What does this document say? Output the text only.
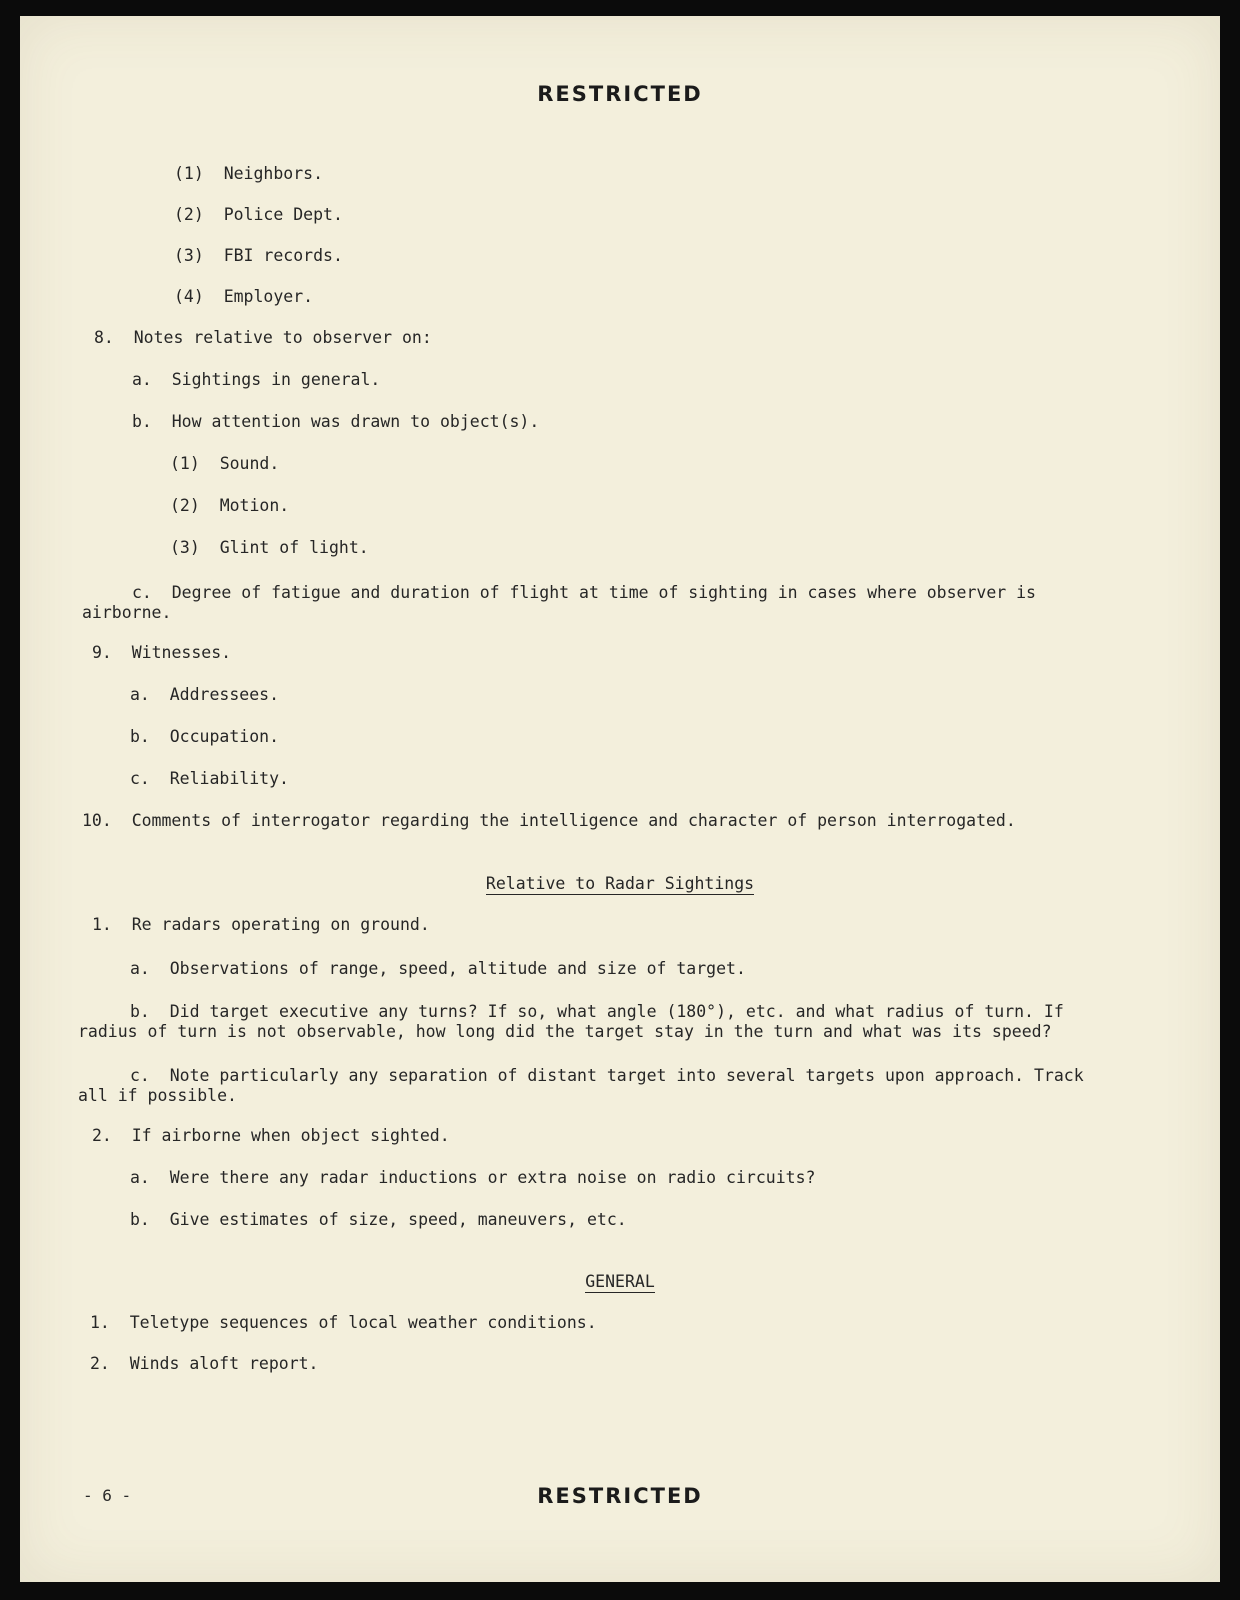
RESTRICTED
(1) Neighbors.
(2) Police Dept.
(3) FBI records.
(4) Employer.
8. Notes relative to observer on:
a. Sightings in general.
b. How attention was drawn to object(s).
(1) Sound.
(2) Motion.
(3) Glint of light.
c. Degree of fatigue and duration of flight at time of sighting in cases where observer is airborne.
9. Witnesses.
a. Addressees.
b. Occupation.
c. Reliability.
10. Comments of interrogator regarding the intelligence and character of person interrogated.
Relative to Radar Sightings
1. Re radars operating on ground.
a. Observations of range, speed, altitude and size of target.
b. Did target executive any turns? If so, what angle (180°), etc. and what radius of turn. If radius of turn is not observable, how long did the target stay in the turn and what was its speed?
c. Note particularly any separation of distant target into several targets upon approach. Track all if possible.
2. If airborne when object sighted.
a. Were there any radar inductions or extra noise on radio circuits?
b. Give estimates of size, speed, maneuvers, etc.
GENERAL
1. Teletype sequences of local weather conditions.
2. Winds aloft report.
- 6 -	RESTRICTED
